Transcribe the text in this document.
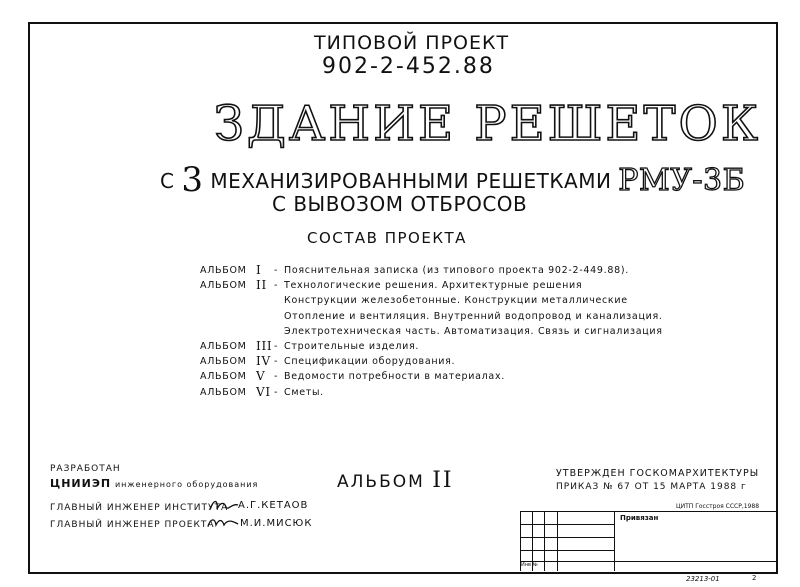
ТИПОВОЙ ПРОЕКТ
902-2-452.88
ЗДАНИЕ РЕШЕТОК
С 3 МЕХАНИЗИРОВАННЫМИ РЕШЕТКАМИ РМУ-3Б
С ВЫВОЗОМ ОТБРОСОВ
СОСТАВ ПРОЕКТА
АЛЬБОМ I	- Пояснительная записка (из типового проекта 902-2-449.88).
АЛЬБОМ II - Технологические решения. Архитектурные решения
Конструкции железобетонные. Конструкции металлические
Отопление и вентиляция. Внутренний водопровод и канализация.
Электротехническая часть. Автоматизация. Связь и сигнализация
АЛЬБОМ III - Строительные изделия.
АЛЬБОМ IV - Спецификации оборудования.
АЛЬБОМ V - Ведомости потребности в материалах.
АЛЬБОМ VI - Сметы.
РАЗРАБОТАН
ЦНИИЭП инженерного оборудования
ГЛАВНЫЙ ИНЖЕНЕР ИНСТИТУТА А.Г.КЕТАОВ
ГЛАВНЫЙ ИНЖЕНЕР ПРОЕКТА	М.И.МИСЮК
АЛЬБОМ II	УТВЕРЖДЕН ГОСКОМАРХИТЕКТУРЫ
ПРИКАЗ № 67 ОТ 15 МАРТА 1988 г
ЦИТП Госстроя СССР,1988
Привязан
Инв №
23213-01	2
